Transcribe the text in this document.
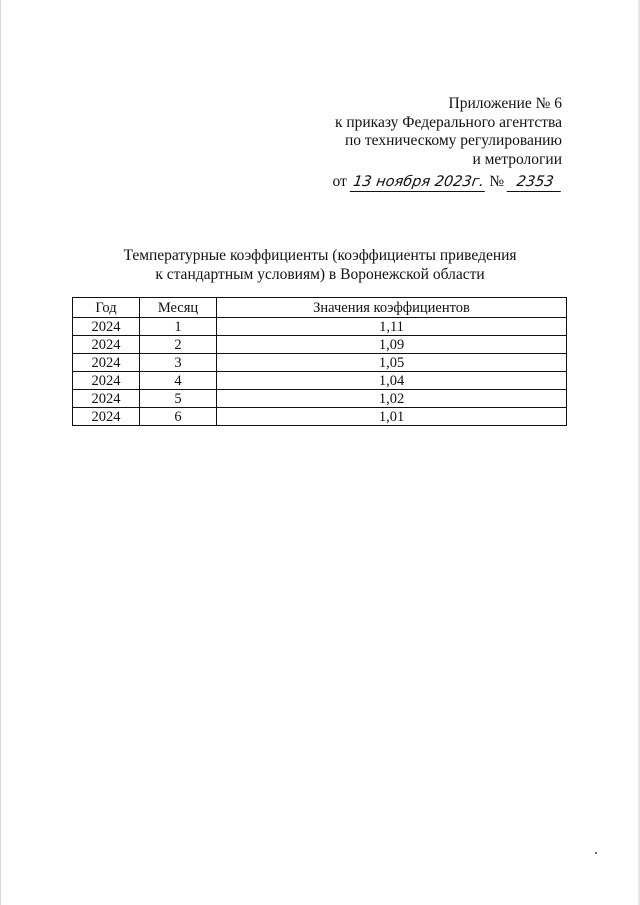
Приложение № 6
к приказу Федерального агентства
по техническому регулированию
и метрологии
от 13 ноября 2023г. № 2353
Температурные коэффициенты (коэффициенты приведения
к стандартным условиям) в Воронежской области
Год	Месяц	Значения коэффициентов
2024	1	1,11
2024	2	1,09
2024	3	1,05
2024	4	1,04
2024	5	1,02
2024	6	1,01
